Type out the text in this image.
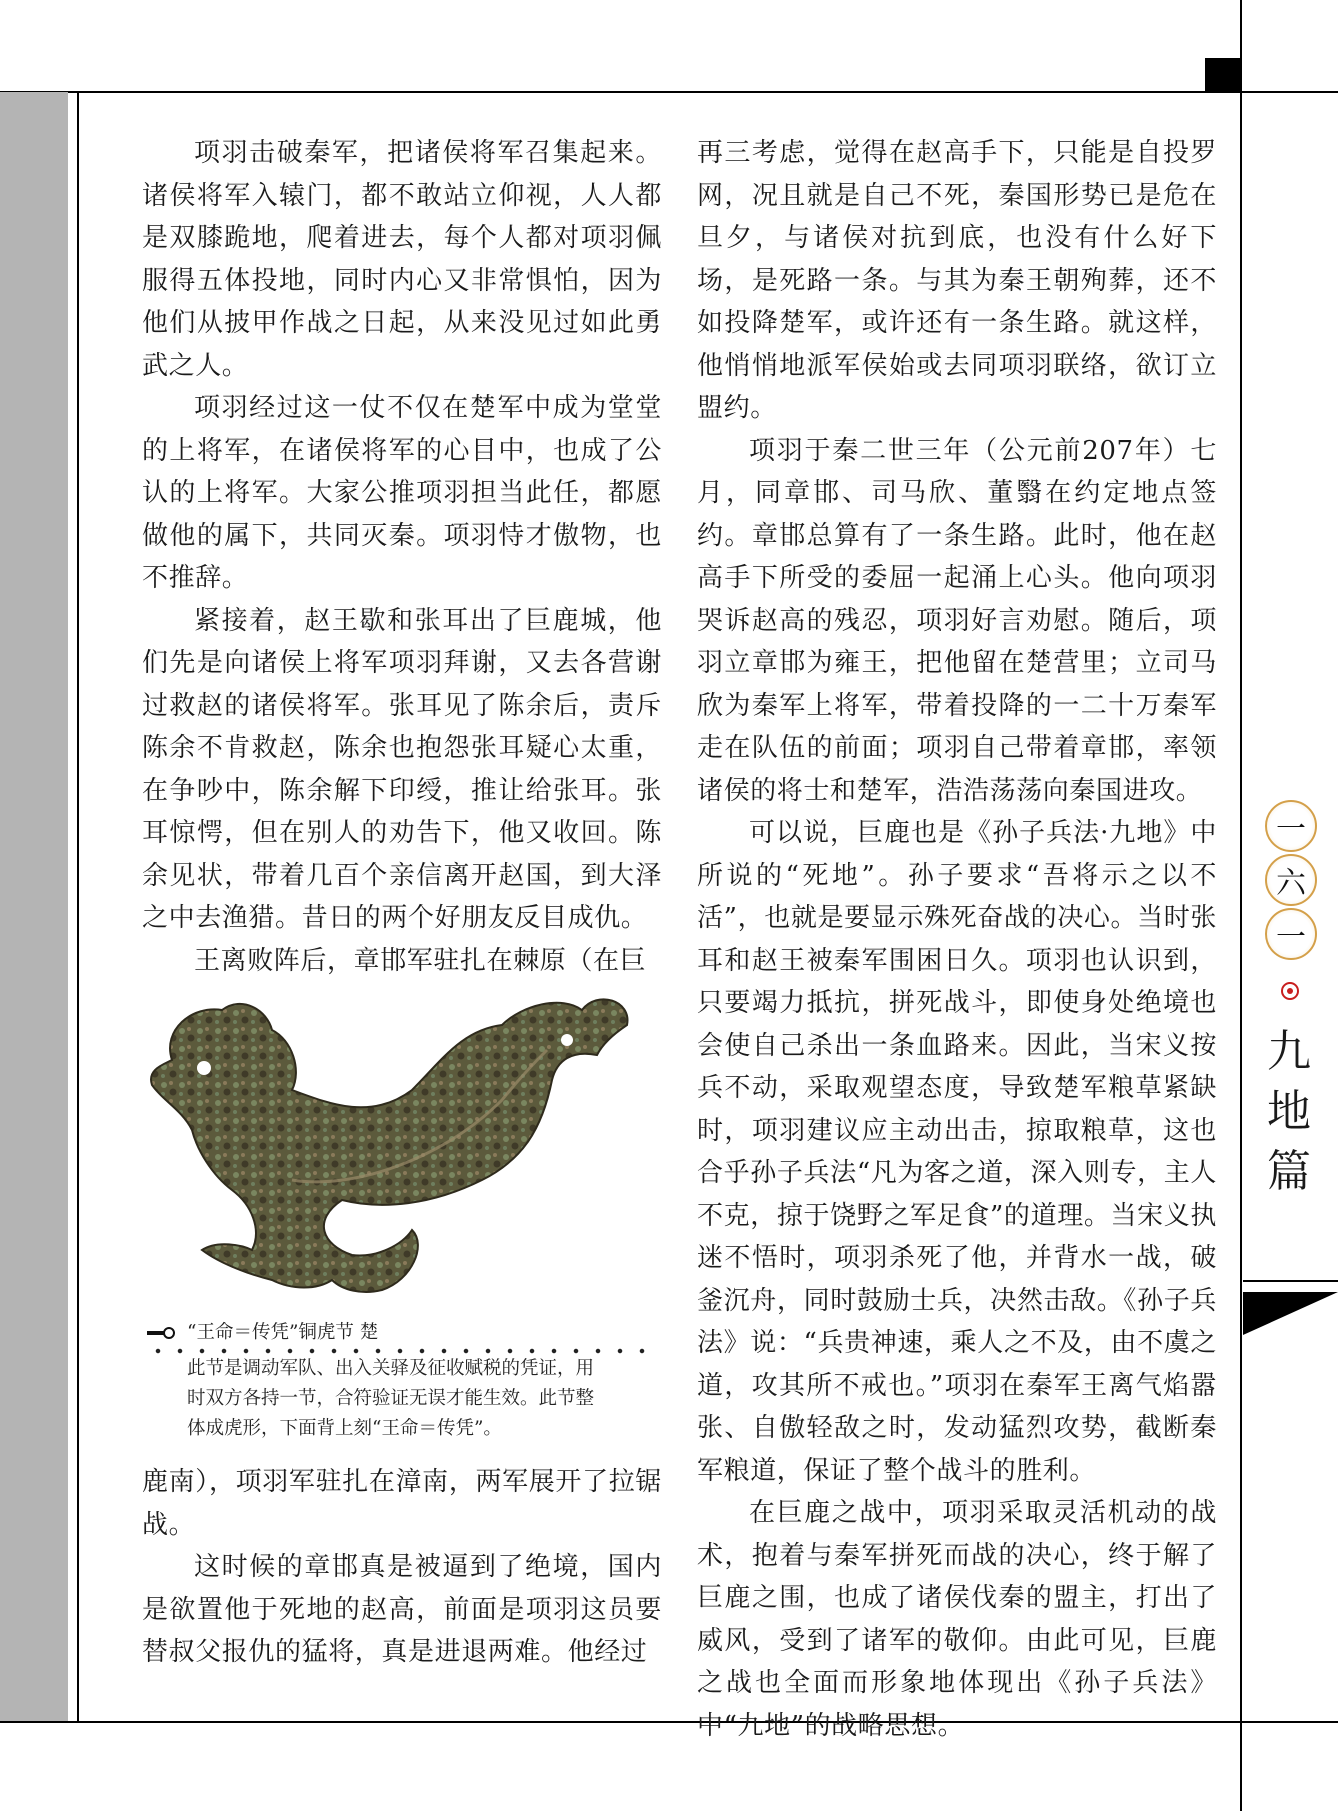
项羽击破秦军，把诸侯将军召集起来。诸侯将军入辕门，都不敢站立仰视，人人都是双膝跪地，爬着进去，每个人都对项羽佩服得五体投地，同时内心又非常惧怕，因为他们从披甲作战之日起，从来没见过如此勇武之人。

项羽经过这一仗不仅在楚军中成为堂堂的上将军，在诸侯将军的心目中，也成了公认的上将军。大家公推项羽担当此任，都愿做他的属下，共同灭秦。项羽恃才傲物，也不推辞。

紧接着，赵王歇和张耳出了巨鹿城，他们先是向诸侯上将军项羽拜谢，又去各营谢过救赵的诸侯将军。张耳见了陈余后，责斥陈余不肯救赵，陈余也抱怨张耳疑心太重，在争吵中，陈余解下印绶，推让给张耳。张耳惊愕，但在别人的劝告下，他又收回。陈余见状，带着几百个亲信离开赵国，到大泽之中去渔猎。昔日的两个好朋友反目成仇。

王离败阵后，章邯军驻扎在棘原（在巨

“王命＝传凭”铜虎节 楚
此节是调动军队、出入关驿及征收赋税的凭证，用
时双方各持一节，合符验证无误才能生效。此节整
体成虎形，下面背上刻“王命＝传凭”。

鹿南），项羽军驻扎在漳南，两军展开了拉锯战。

这时候的章邯真是被逼到了绝境，国内是欲置他于死地的赵高，前面是项羽这员要替叔父报仇的猛将，真是进退两难。他经过

再三考虑，觉得在赵高手下，只能是自投罗网，况且就是自己不死，秦国形势已是危在旦夕，与诸侯对抗到底，也没有什么好下场，是死路一条。与其为秦王朝殉葬，还不如投降楚军，或许还有一条生路。就这样，他悄悄地派军侯始或去同项羽联络，欲订立盟约。

项羽于秦二世三年（公元前207年）七月，同章邯、司马欣、董翳在约定地点签约。章邯总算有了一条生路。此时，他在赵高手下所受的委屈一起涌上心头。他向项羽哭诉赵高的残忍，项羽好言劝慰。随后，项羽立章邯为雍王，把他留在楚营里；立司马欣为秦军上将军，带着投降的一二十万秦军走在队伍的前面；项羽自己带着章邯，率领诸侯的将士和楚军，浩浩荡荡向秦国进攻。

可以说，巨鹿也是《孙子兵法·九地》中所说的“死地”。孙子要求“吾将示之以不活”，也就是要显示殊死奋战的决心。当时张耳和赵王被秦军围困日久。项羽也认识到，只要竭力抵抗，拼死战斗，即使身处绝境也会使自己杀出一条血路来。因此，当宋义按兵不动，采取观望态度，导致楚军粮草紧缺时，项羽建议应主动出击，掠取粮草，这也合乎孙子兵法“凡为客之道，深入则专，主人不克，掠于饶野之军足食”的道理。当宋义执迷不悟时，项羽杀死了他，并背水一战，破釜沉舟，同时鼓励士兵，决然击敌。《孙子兵法》说：“兵贵神速，乘人之不及，由不虞之道，攻其所不戒也。”项羽在秦军王离气焰嚣张、自傲轻敌之时，发动猛烈攻势，截断秦军粮道，保证了整个战斗的胜利。

在巨鹿之战中，项羽采取灵活机动的战术，抱着与秦军拼死而战的决心，终于解了巨鹿之围，也成了诸侯伐秦的盟主，打出了威风，受到了诸军的敬仰。由此可见，巨鹿之战也全面而形象地体现出《孙子兵法》中“九地”的战略思想。

一
六
一
九
地
篇
